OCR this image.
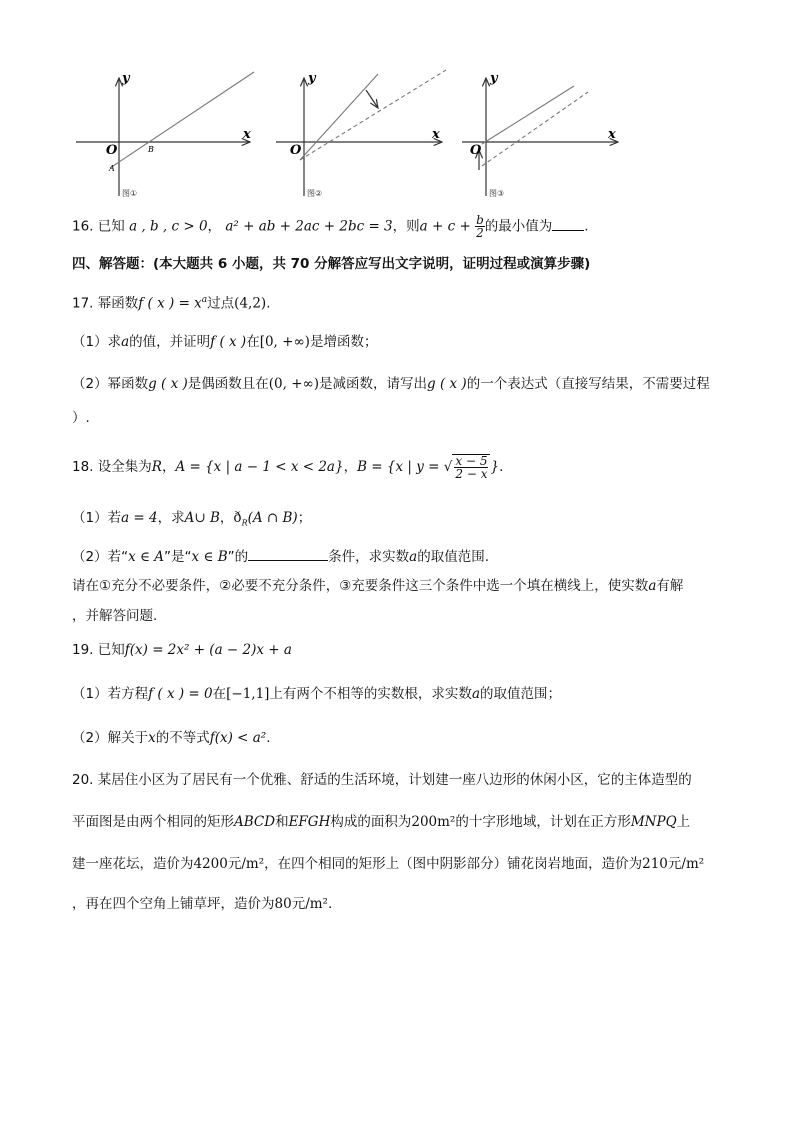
y
x
O
A
B
图①
y
x
O
图②
y
x
O
图③
16. 已知 a , b , c > 0， a² + ab + 2ac + 2bc = 3，则$a + c + \frac{b}{2}$ 的最小值为 .
四、解答题：(本大题共 6 小题，共 70 分解答应写出文字说明，证明过程或演算步骤)
17. 幂函数f ( x ) = $x^a$过点(4,2).
（1）求a的值，并证明f ( x )在[0, +∞)是增函数；
（2）幂函数g ( x )是偶函数且在(0, +∞)是减函数，请写出g ( x )的一个表达式（直接写结果，不需要过程
）.
18. 设全集为R，A = {x | a − 1 < x < 2a}，B = {x | y = √ $\frac{x - 5}{2 - x}$ }.
（1）若a = 4，求A∪ B，$ð_R(A$ ∩ B)；
（2）若“x ∈ A”是“x ∈ B”的	条件，求实数a的取值范围.
请在①充分不必要条件，②必要不充分条件，③充要条件这三个条件中选一个填在横线上，使实数a有解
，并解答问题.
19. 已知f(x) = 2x² + (a − 2)x + a
（1）若方程f ( x ) = 0在[−1,1]上有两个不相等的实数根，求实数a的取值范围；
（2）解关于x的不等式f(x) < a².
20. 某居住小区为了居民有一个优雅、舒适的生活环境，计划建一座八边形的休闲小区，它的主体造型的
平面图是由两个相同的矩形ABCD和EFGH构成的面积为200m²的十字形地域，计划在正方形MNPQ上
建一座花坛，造价为4200元/m²，在四个相同的矩形上（图中阴影部分）铺花岗岩地面，造价为210元/m²
，再在四个空角上铺草坪，造价为80元/m².
